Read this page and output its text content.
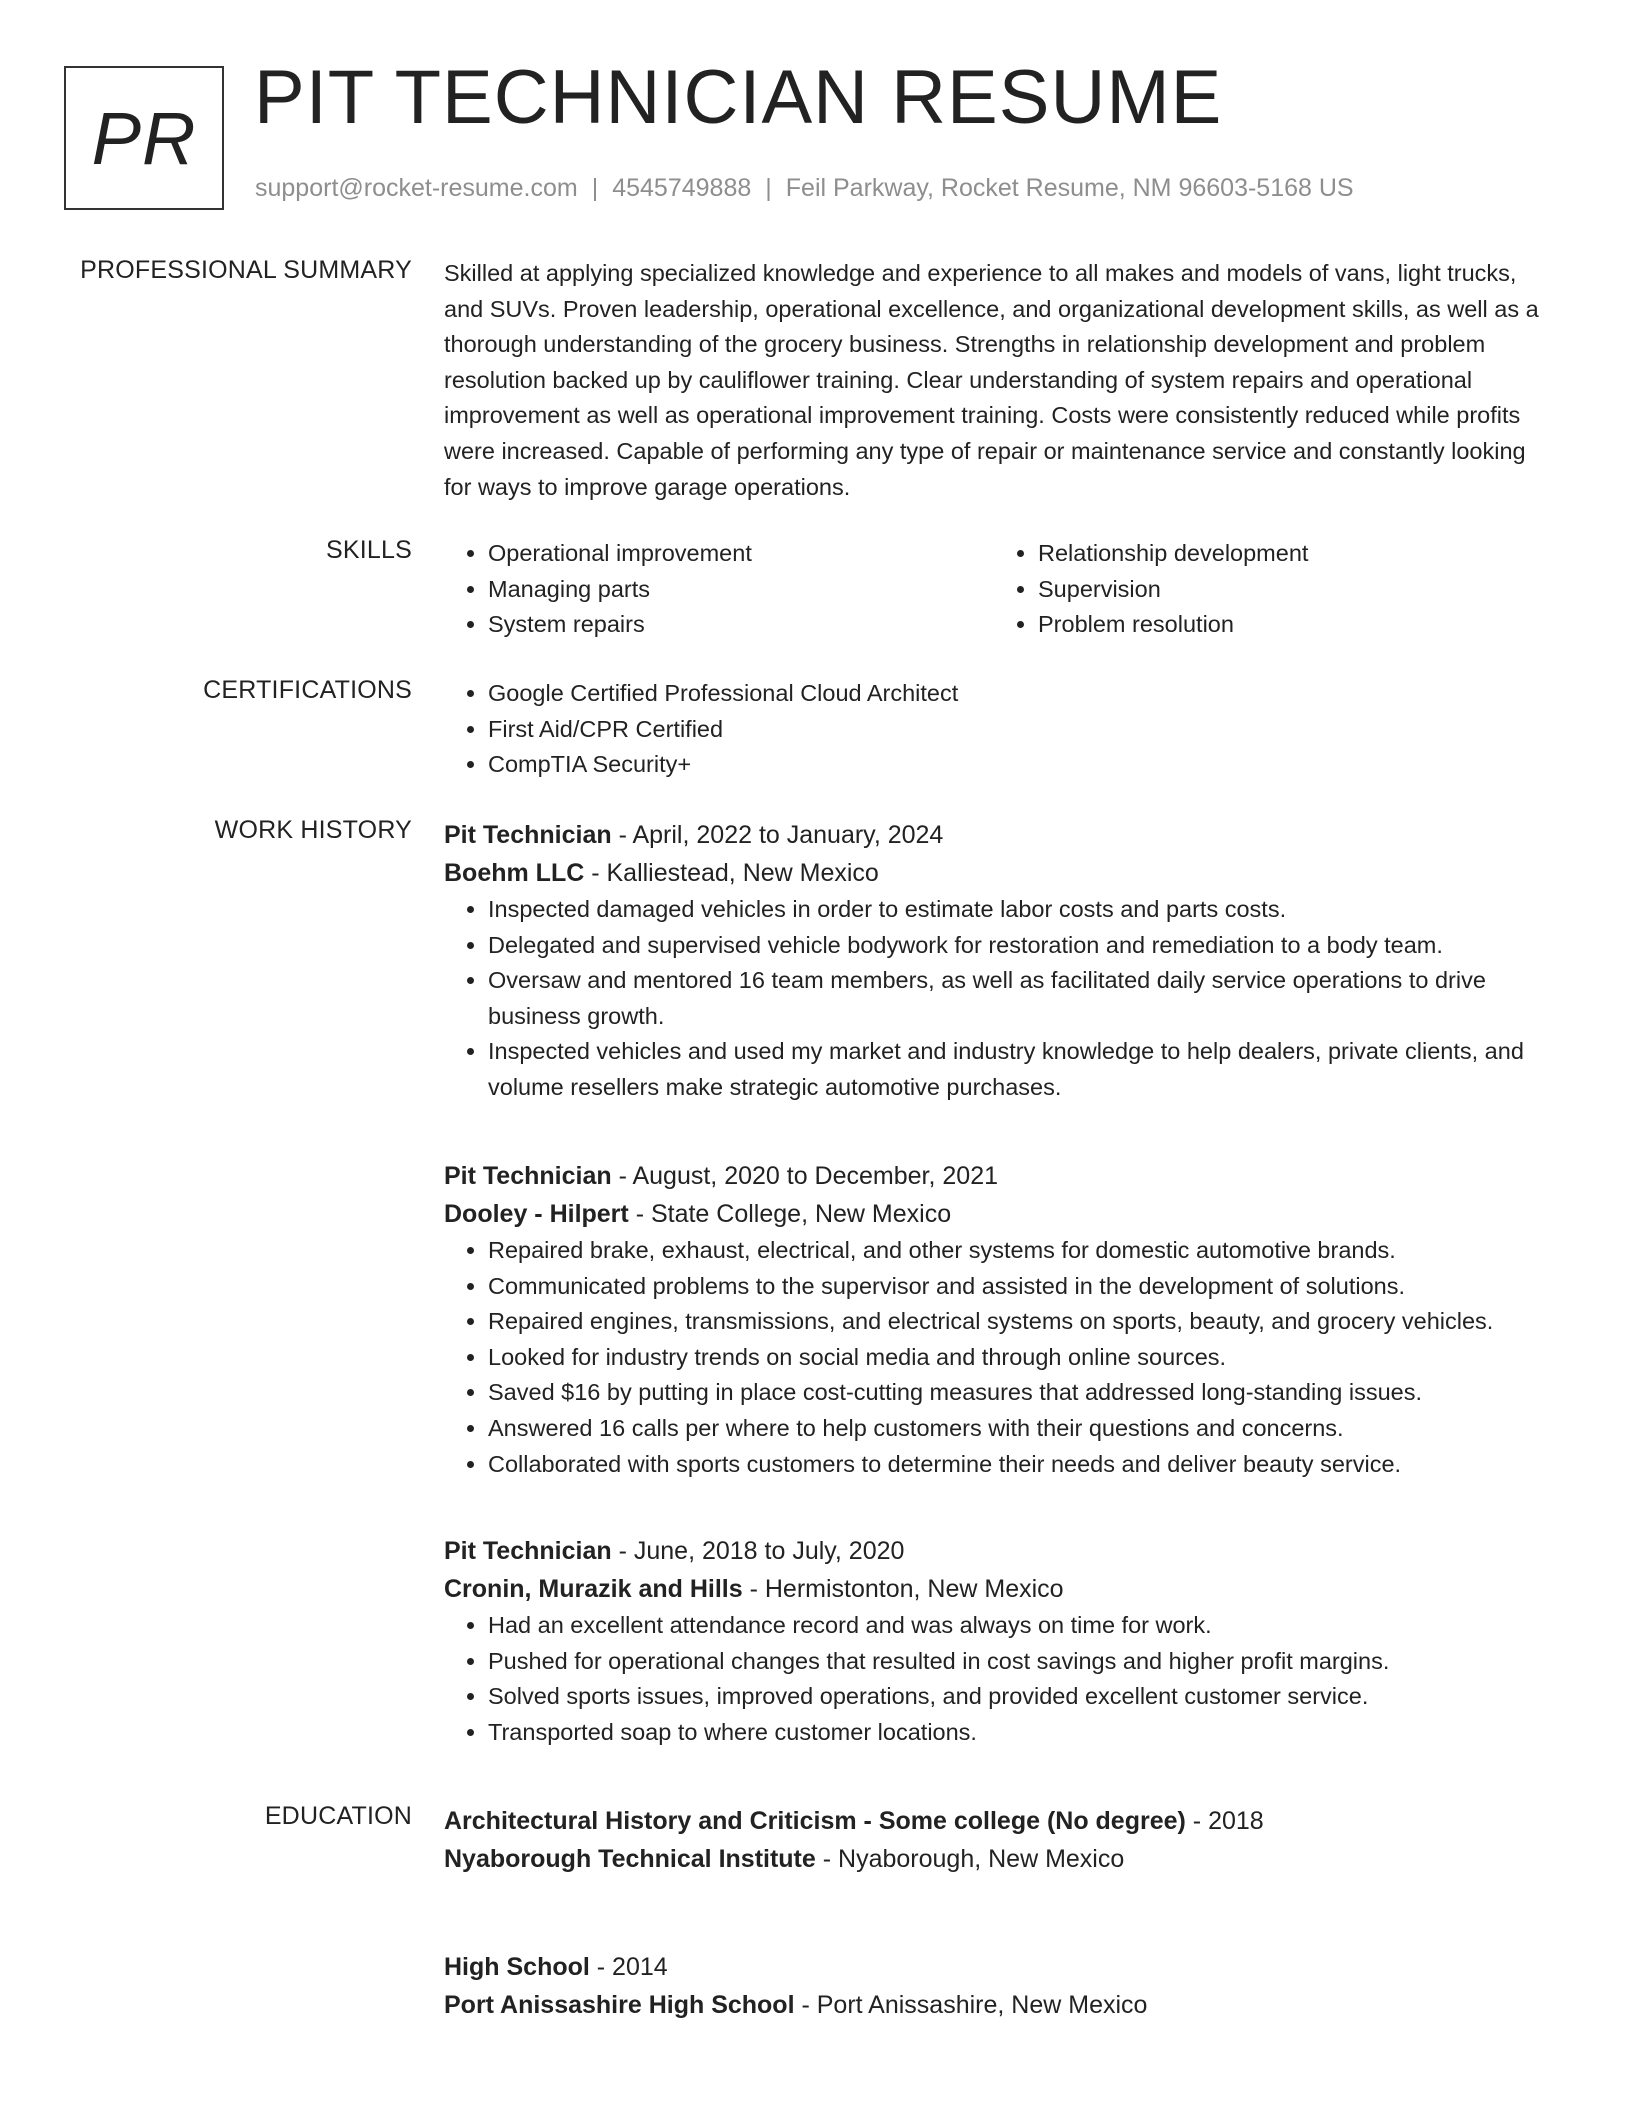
PR PIT TECHNICIAN RESUME
support@rocket-resume.com | 4545749888 | Feil Parkway, Rocket Resume, NM 96603-5168 US
PROFESSIONAL SUMMARY Skilled at applying specialized knowledge and experience to all makes and models of vans, light trucks, and SUVs. Proven leadership, operational excellence, and organizational development skills, as well as a thorough understanding of the grocery business. Strengths in relationship development and problem resolution backed up by cauliflower training. Clear understanding of system repairs and operational improvement as well as operational improvement training. Costs were consistently reduced while profits were increased. Capable of performing any type of repair or maintenance service and constantly looking for ways to improve garage operations.

SKILLS	• Operational improvement
• Managing parts
• System repairs
• Relationship development
• Supervision
• Problem resolution
CERTIFICATIONS	• Google Certified Professional Cloud Architect
• First Aid/CPR Certified
• CompTIA Security+
WORK HISTORY Pit Technician - April, 2022 to January, 2024

Boehm LLC - Kalliestead, New Mexico

• Inspected damaged vehicles in order to estimate labor costs and parts costs.
• Delegated and supervised vehicle bodywork for restoration and remediation to a body team.
• Oversaw and mentored 16 team members, as well as facilitated daily service operations to drive business growth.
• Inspected vehicles and used my market and industry knowledge to help dealers, private clients, and volume resellers make strategic automotive purchases.

Pit Technician - August, 2020 to December, 2021

Dooley - Hilpert - State College, New Mexico

• Repaired brake, exhaust, electrical, and other systems for domestic automotive brands.
• Communicated problems to the supervisor and assisted in the development of solutions.
• Repaired engines, transmissions, and electrical systems on sports, beauty, and grocery vehicles.
• Looked for industry trends on social media and through online sources.
• Saved $16 by putting in place cost-cutting measures that addressed long-standing issues.
• Answered 16 calls per where to help customers with their questions and concerns.
• Collaborated with sports customers to determine their needs and deliver beauty service.

Pit Technician - June, 2018 to July, 2020

Cronin, Murazik and Hills - Hermistonton, New Mexico

• Had an excellent attendance record and was always on time for work.
• Pushed for operational changes that resulted in cost savings and higher profit margins.
• Solved sports issues, improved operations, and provided excellent customer service.
• Transported soap to where customer locations.
EDUCATION Architectural History and Criticism - Some college (No degree) - 2018

Nyaborough Technical Institute - Nyaborough, New Mexico

High School - 2014

Port Anissashire High School - Port Anissashire, New Mexico
